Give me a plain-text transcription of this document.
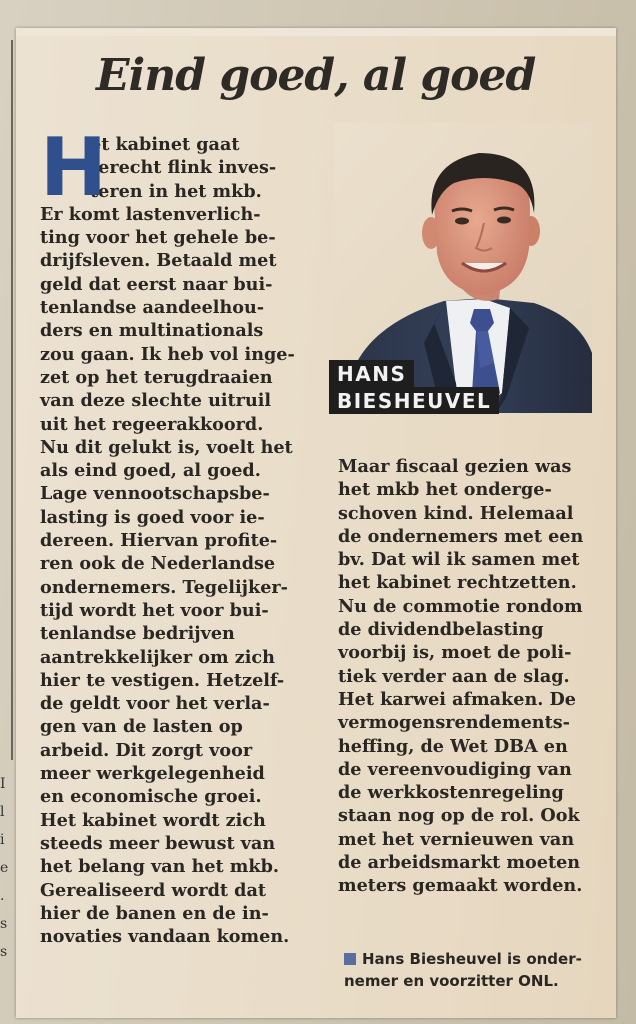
I
l
i
e
.
s
s
Eind goed, al goed
H

et kabinet gaat

terecht flink inves-

teren in het mkb.

Er komt lastenverlich-

ting voor het gehele be-

drijfsleven. Betaald met

geld dat eerst naar bui-

tenlandse aandeelhou-

ders en multinationals

zou gaan. Ik heb vol inge-

zet op het terugdraaien

van deze slechte uitruil

uit het regeerakkoord.

Nu dit gelukt is, voelt het

als eind goed, al goed.

Lage vennootschapsbe-

lasting is goed voor ie-

dereen. Hiervan profite-

ren ook de Nederlandse

ondernemers. Tegelijker-

tijd wordt het voor bui-

tenlandse bedrijven

aantrekkelijker om zich

hier te vestigen. Hetzelf-

de geldt voor het verla-

gen van de lasten op

arbeid. Dit zorgt voor

meer werkgelegenheid

en economische groei.

Het kabinet wordt zich

steeds meer bewust van

het belang van het mkb.

Gerealiseerd wordt dat

hier de banen en de in-

novaties vandaan komen.

HANS
BIESHEUVEL

Maar fiscaal gezien was

het mkb het onderge-

schoven kind. Helemaal

de ondernemers met een

bv. Dat wil ik samen met

het kabinet rechtzetten.

Nu de commotie rondom

de dividendbelasting

voorbij is, moet de poli-

tiek verder aan de slag.

Het karwei afmaken. De

vermogensrendements-

heffing, de Wet DBA en

de vereenvoudiging van

de werkkostenregeling

staan nog op de rol. Ook

met het vernieuwen van

de arbeidsmarkt moeten

meters gemaakt worden.

Hans Biesheuvel is onder-

nemer en voorzitter ONL.
